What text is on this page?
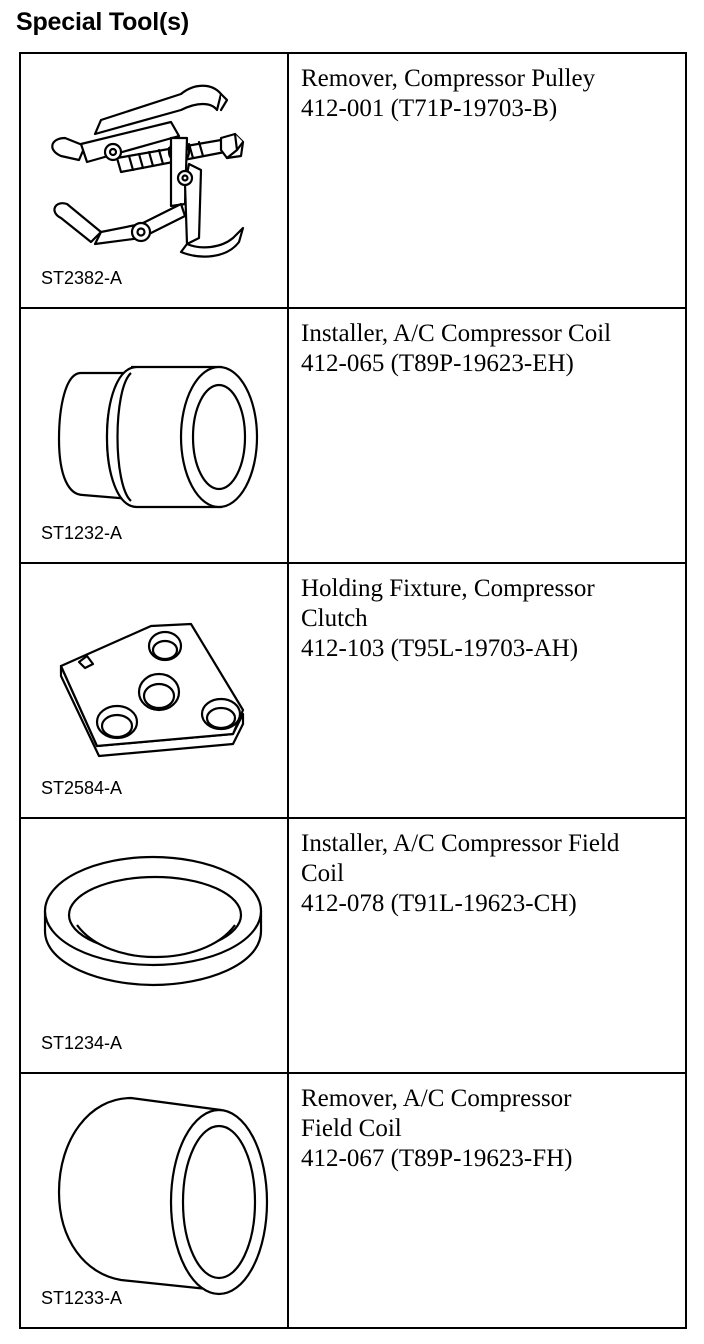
Special Tool(s)
ST2382-A	Remover, Compressor Pulley
412-001 (T71P-19703-B)

ST1232-A	Installer, A/C Compressor Coil
412-065 (T89P-19623-EH)

ST2584-A	Holding Fixture, Compressor
Clutch
412-103 (T95L-19703-AH)

ST1234-A	Installer, A/C Compressor Field
Coil
412-078 (T91L-19623-CH)

ST1233-A	Remover, A/C Compressor
Field Coil
412-067 (T89P-19623-FH)
